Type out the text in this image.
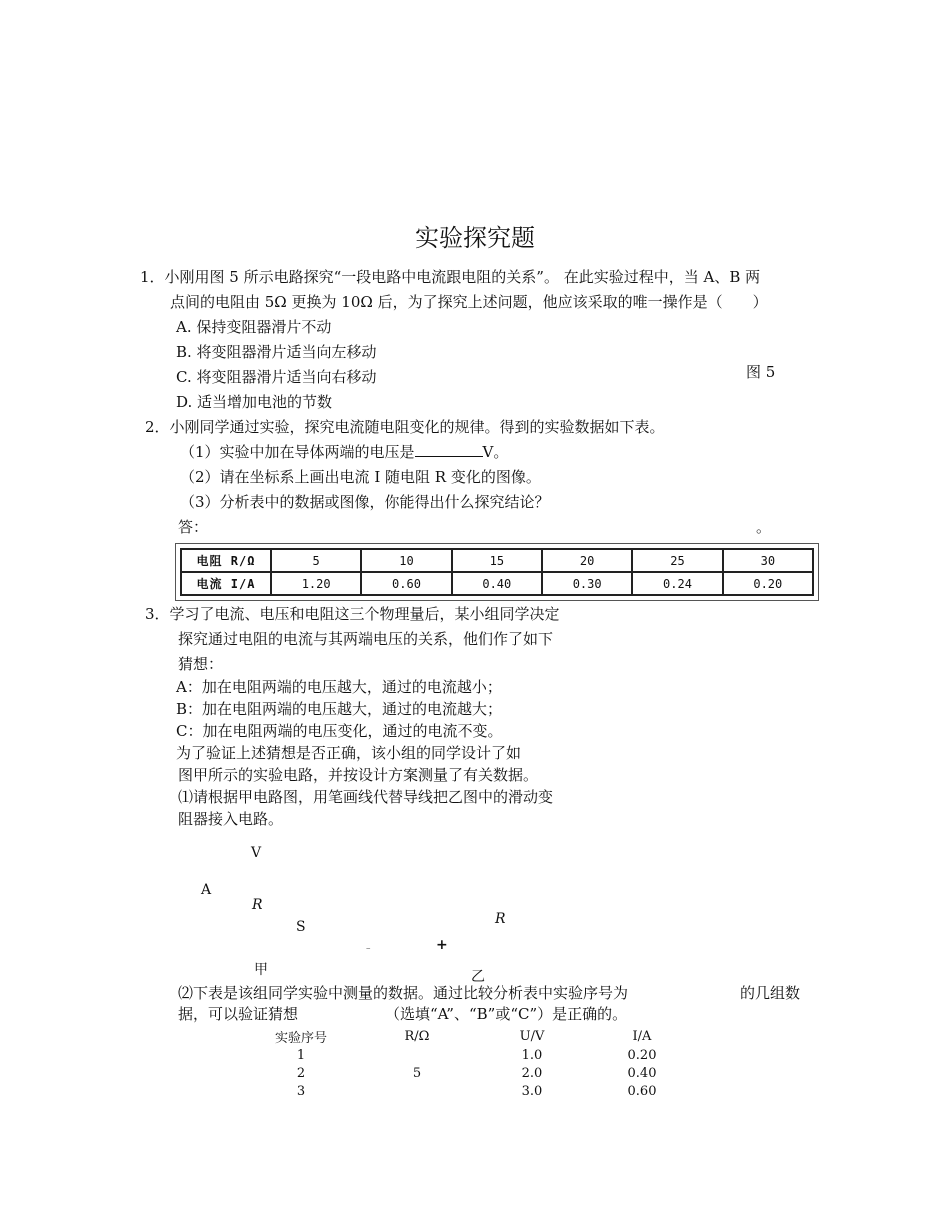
实验探究题
1．小刚用图 5 所示电路探究“一段电路中电流跟电阻的关系”。 在此实验过程中，当 A、B 两
点间的电阻由 5Ω 更换为 10Ω 后，为了探究上述问题，他应该采取的唯一操作是（　　）
A. 保持变阻器滑片不动
B. 将变阻器滑片适当向左移动
C. 将变阻器滑片适当向右移动
D. 适当增加电池的节数
图 5
2．小刚同学通过实验，探究电流随电阻变化的规律。得到的实验数据如下表。
（1）实验中加在导体两端的电压是	V。
（2）请在坐标系上画出电流 I 随电阻 R 变化的图像。
（3）分析表中的数据或图像，你能得出什么探究结论？
答：	。
电阻 R/Ω	5	10	15	20	25	30
电流 I/A	1.20	0.60	0.40	0.30	0.24	0.20
3．学习了电流、电压和电阻这三个物理量后，某小组同学决定
探究通过电阻的电流与其两端电压的关系，他们作了如下
猜想：
A：加在电阻两端的电压越大，通过的电流越小；
B：加在电阻两端的电压越大，通过的电流越大；
C：加在电阻两端的电压变化，通过的电流不变。
为了验证上述猜想是否正确，该小组的同学设计了如
图甲所示的实验电路，并按设计方案测量了有关数据。
⑴请根据甲电路图，用笔画线代替导线把乙图中的滑动变
阻器接入电路。
V
A
R
S	R
–	+
甲	乙
⑵下表是该组同学实验中测量的数据。通过比较分析表中实验序号为	的几组数
据，可以验证猜想	（选填“A”、“B”或“C”）是正确的。
实验序号	R/Ω	U/V	I/A
1		1.0	0.20
2	5	2.0	0.40
3		3.0	0.60
